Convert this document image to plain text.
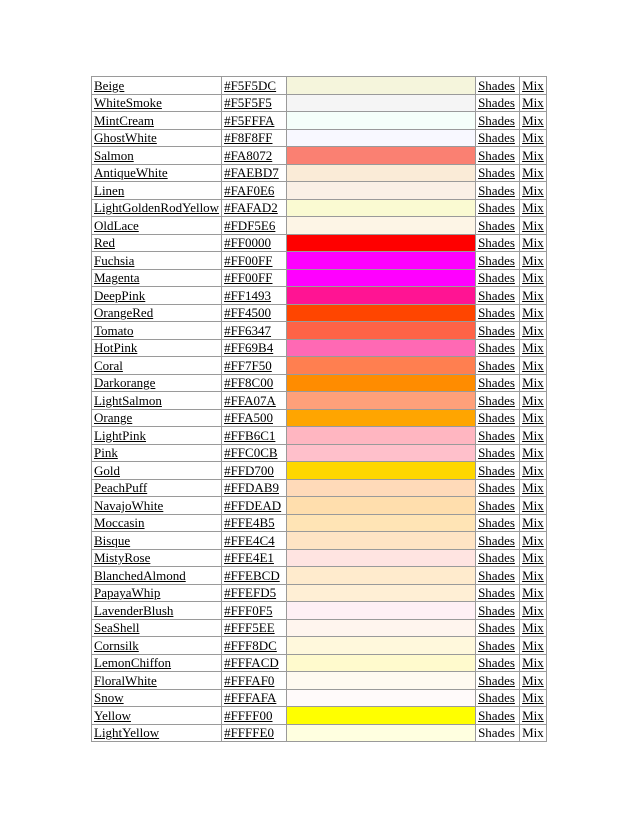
Beige	#F5F5DC		Shades	Mix
WhiteSmoke	#F5F5F5		Shades	Mix
MintCream	#F5FFFA		Shades	Mix
GhostWhite	#F8F8FF		Shades	Mix
Salmon	#FA8072		Shades	Mix
AntiqueWhite	#FAEBD7		Shades	Mix
Linen	#FAF0E6		Shades	Mix
LightGoldenRodYellow	#FAFAD2		Shades	Mix
OldLace	#FDF5E6		Shades	Mix
Red	#FF0000		Shades	Mix
Fuchsia	#FF00FF		Shades	Mix
Magenta	#FF00FF		Shades	Mix
DeepPink	#FF1493		Shades	Mix
OrangeRed	#FF4500		Shades	Mix
Tomato	#FF6347		Shades	Mix
HotPink	#FF69B4		Shades	Mix
Coral	#FF7F50		Shades	Mix
Darkorange	#FF8C00		Shades	Mix
LightSalmon	#FFA07A		Shades	Mix
Orange	#FFA500		Shades	Mix
LightPink	#FFB6C1		Shades	Mix
Pink	#FFC0CB		Shades	Mix
Gold	#FFD700		Shades	Mix
PeachPuff	#FFDAB9		Shades	Mix
NavajoWhite	#FFDEAD		Shades	Mix
Moccasin	#FFE4B5		Shades	Mix
Bisque	#FFE4C4		Shades	Mix
MistyRose	#FFE4E1		Shades	Mix
BlanchedAlmond	#FFEBCD		Shades	Mix
PapayaWhip	#FFEFD5		Shades	Mix
LavenderBlush	#FFF0F5		Shades	Mix
SeaShell	#FFF5EE		Shades	Mix
Cornsilk	#FFF8DC		Shades	Mix
LemonChiffon	#FFFACD		Shades	Mix
FloralWhite	#FFFAF0		Shades	Mix
Snow	#FFFAFA		Shades	Mix
Yellow	#FFFF00		Shades	Mix
LightYellow	#FFFFE0		Shades	Mix
